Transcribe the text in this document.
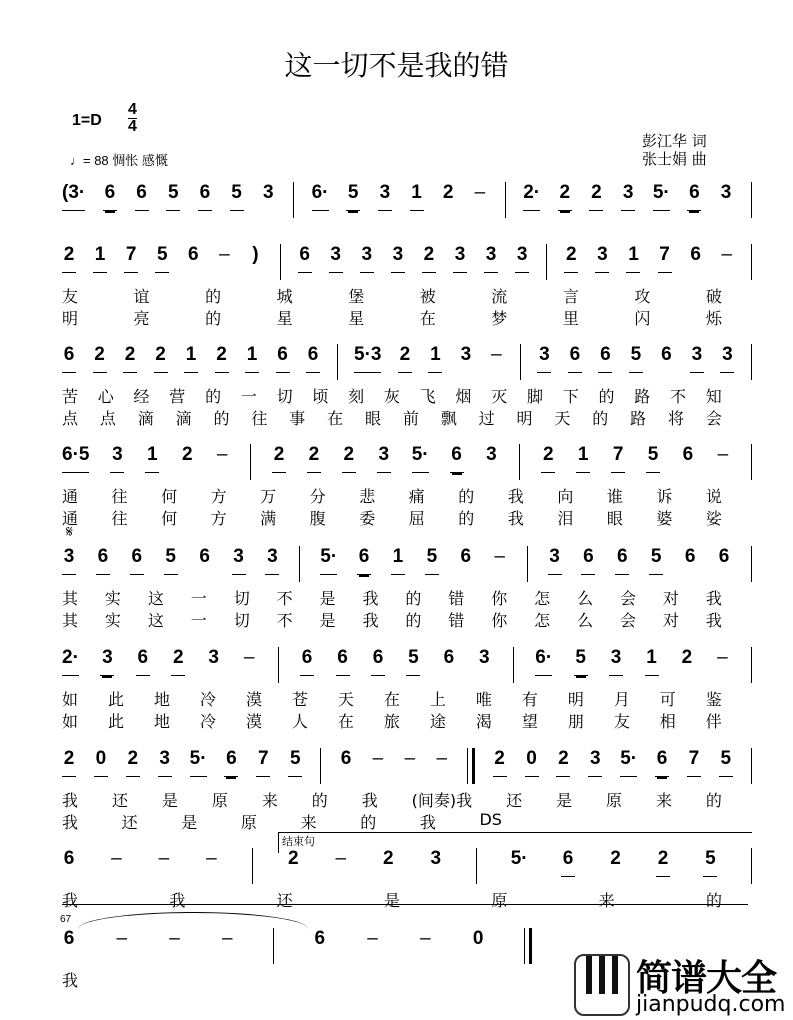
这一切不是我的错
1=D
4
4
♩= 88 惆怅 感慨
彭江华 词
张士娟 曲
𝄋
结束句
67
(3· 6 6 5 6 5 3 6· 5 3 1 2 – 2· 2 2 3 5· 6 3
2 1 7 5 6 – ) 6 3 3 3 2 3 3 3 2 3 1 7 6 –
友	谊	的	城	堡	被	流	言	攻	破
明	亮	的	星	星	在	梦	里	闪	烁
6 2 2 2 1 2 1 6 6 5·3 2 1 3 – 3 6 6 5 6 3 3
苦 心 经 营 的 一 切 顷 刻 灰 飞 烟 灭 脚 下 的 路 不 知
点 点 滴 滴 的 往 事 在 眼 前 飘 过 明 天 的 路 将 会
6·5 3 1 2 – 2 2 2 3 5· 6 3 2 1 7 5 6 –
通 往 何 方 万 分 悲 痛 的 我 向 谁 诉 说
通 往 何 方 满 腹 委 屈 的 我 泪 眼 婆 娑
3 6 6 5 6 3 3 5· 6 1 5 6 – 3 6 6 5 6 6
其 实 这 一 切 不 是 我 的 错 你 怎 么 会 对 我
其 实 这 一 切 不 是 我 的 错 你 怎 么 会 对 我
2· 3 6 2 3 – 6 6 6 5 6 3 6· 5 3 1 2 –
如 此 地 冷 漠 苍 天 在 上 唯 有 明 月 可 鉴
如 此 地 冷 漠 人 在 旅 途 渴 望 朋 友 相 伴
2 0 2 3 5· 6 7 5 6 – – – 2 0 2 3 5· 6 7 5
我 还 是 原 来 的 我 (间奏)我 还 是 原 来 的
我	还	是	原	来	的	我	DS
6 – – –	2 – 2 3	5· 6 2 2 5
我	我	还	是	原	来	的
6 – – –	6 – – 0
我	简谱大全
jianpudq.com
